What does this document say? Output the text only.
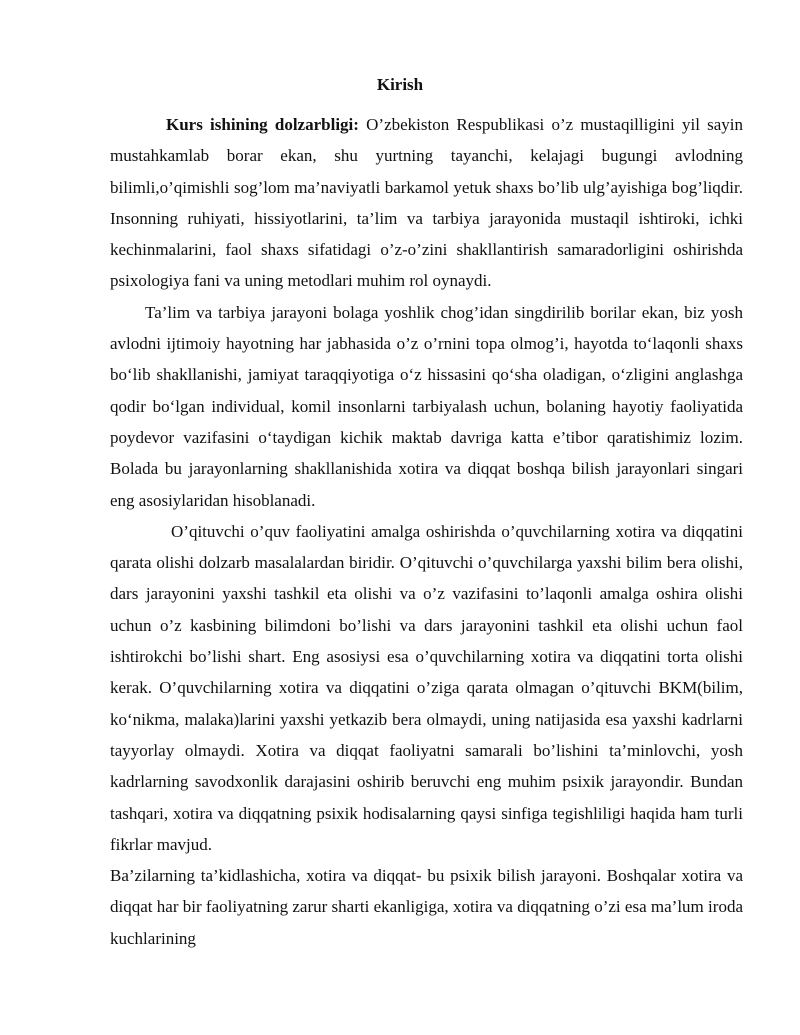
Kirish

Kurs ishining dolzarbligi: O’zbekiston Respublikasi o’z mustaqilligini yil sayin mustahkamlab borar ekan, shu yurtning tayanchi, kelajagi bugungi avlodning bilimli,o’qimishli sog’lom ma’naviyatli barkamol yetuk shaxs bo’lib ulg’ayishiga bog’liqdir. Insonning ruhiyati, hissiyotlarini, ta’lim va tarbiya jarayonida mustaqil ishtiroki, ichki kechinmalarini, faol shaxs sifatidagi o’z-o’zini shakllantirish samaradorligini oshirishda psixologiya fani va uning metodlari muhim rol oynaydi.

Ta’lim va tarbiya jarayoni bolaga yoshlik chog’idan singdirilib borilar ekan, biz yosh avlodni ijtimoiy hayotning har jabhasida o’z o’rnini topa olmog’i, hayotda to‘laqonli shaxs bo‘lib shakllanishi, jamiyat taraqqiyotiga o‘z hissasini qo‘sha oladigan, o‘zligini anglashga qodir bo‘lgan individual, komil insonlarni tarbiyalash uchun, bolaning hayotiy faoliyatida poydevor vazifasini o‘taydigan kichik maktab davriga katta e’tibor qaratishimiz lozim. Bolada bu jarayonlarning shakllanishida xotira va diqqat boshqa bilish jarayonlari singari eng asosiylaridan hisoblanadi.

O’qituvchi o’quv faoliyatini amalga oshirishda o’quvchilarning xotira va diqqatini qarata olishi dolzarb masalalardan biridir. O’qituvchi o’quvchilarga yaxshi bilim bera olishi, dars jarayonini yaxshi tashkil eta olishi va o’z vazifasini to’laqonli amalga oshira olishi uchun o’z kasbining bilimdoni bo’lishi va dars jarayonini tashkil eta olishi uchun faol ishtirokchi bo’lishi shart. Eng asosiysi esa o’quvchilarning xotira va diqqatini torta olishi kerak. O’quvchilarning xotira va diqqatini o’ziga qarata olmagan o’qituvchi BKM(bilim, ko‘nikma, malaka)larini yaxshi yetkazib bera olmaydi, uning natijasida esa yaxshi kadrlarni tayyorlay olmaydi. Xotira va diqqat faoliyatni samarali bo’lishini ta’minlovchi, yosh kadrlarning savodxonlik darajasini oshirib beruvchi eng muhim psixik jarayondir. Bundan tashqari, xotira va diqqatning psixik hodisalarning qaysi sinfiga tegishliligi haqida ham turli fikrlar mavjud.

Ba’zilarning ta’kidlashicha, xotira va diqqat- bu psixik bilish jarayoni. Boshqalar xotira va diqqat har bir faoliyatning zarur sharti ekanligiga, xotira va diqqatning o’zi esa ma’lum iroda kuchlarining
